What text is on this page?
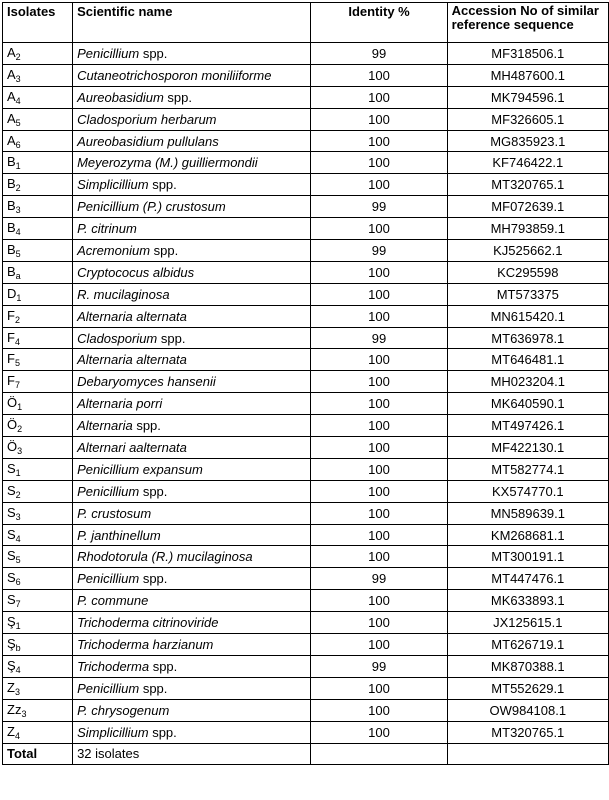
Isolates	Scientific name	Identity %	Accession No of similar reference sequence
$A_2$	Penicillium spp.	99	MF318506.1
$A_3$	Cutaneotrichosporon moniliiforme	100	MH487600.1
$A_4$	Aureobasidium spp.	100	MK794596.1
$A_5$	Cladosporium herbarum	100	MF326605.1
$A_6$	Aureobasidium pullulans	100	MG835923.1
$B_1$	Meyerozyma (M.) guilliermondii	100	KF746422.1
$B_2$	Simplicillium spp.	100	MT320765.1
$B_3$	Penicillium (P.) crustosum	99	MF072639.1
$B_4$	P. citrinum	100	MH793859.1
$B_5$	Acremonium spp.	99	KJ525662.1
$B_a$	Cryptococus albidus	100	KC295598
$D_1$	R. mucilaginosa	100	MT573375
$F_2$	Alternaria alternata	100	MN615420.1
$F_4$	Cladosporium spp.	99	MT636978.1
$F_5$	Alternaria alternata	100	MT646481.1
$F_7$	Debaryomyces hansenii	100	MH023204.1
$Ö_1$	Alternaria porri	100	MK640590.1
$Ö_2$	Alternaria spp.	100	MT497426.1
$Ö_3$	Alternari aalternata	100	MF422130.1
$S_1$	Penicillium expansum	100	MT582774.1
$S_2$	Penicillium spp.	100	KX574770.1
$S_3$	P. crustosum	100	MN589639.1
$S_4$	P. janthinellum	100	KM268681.1
$S_5$	Rhodotorula (R.) mucilaginosa	100	MT300191.1
$S_6$	Penicillium spp.	99	MT447476.1
$S_7$	P. commune	100	MK633893.1
$Ş_1$	Trichoderma citrinoviride	100	JX125615.1
$Ş_b$	Trichoderma harzianum	100	MT626719.1
$Ş_4$	Trichoderma spp.	99	MK870388.1
$Z_3$	Penicillium spp.	100	MT552629.1
$Zz_3$	P. chrysogenum	100	OW984108.1
$Z_4$	Simplicillium spp.	100	MT320765.1
Total	32 isolates		
